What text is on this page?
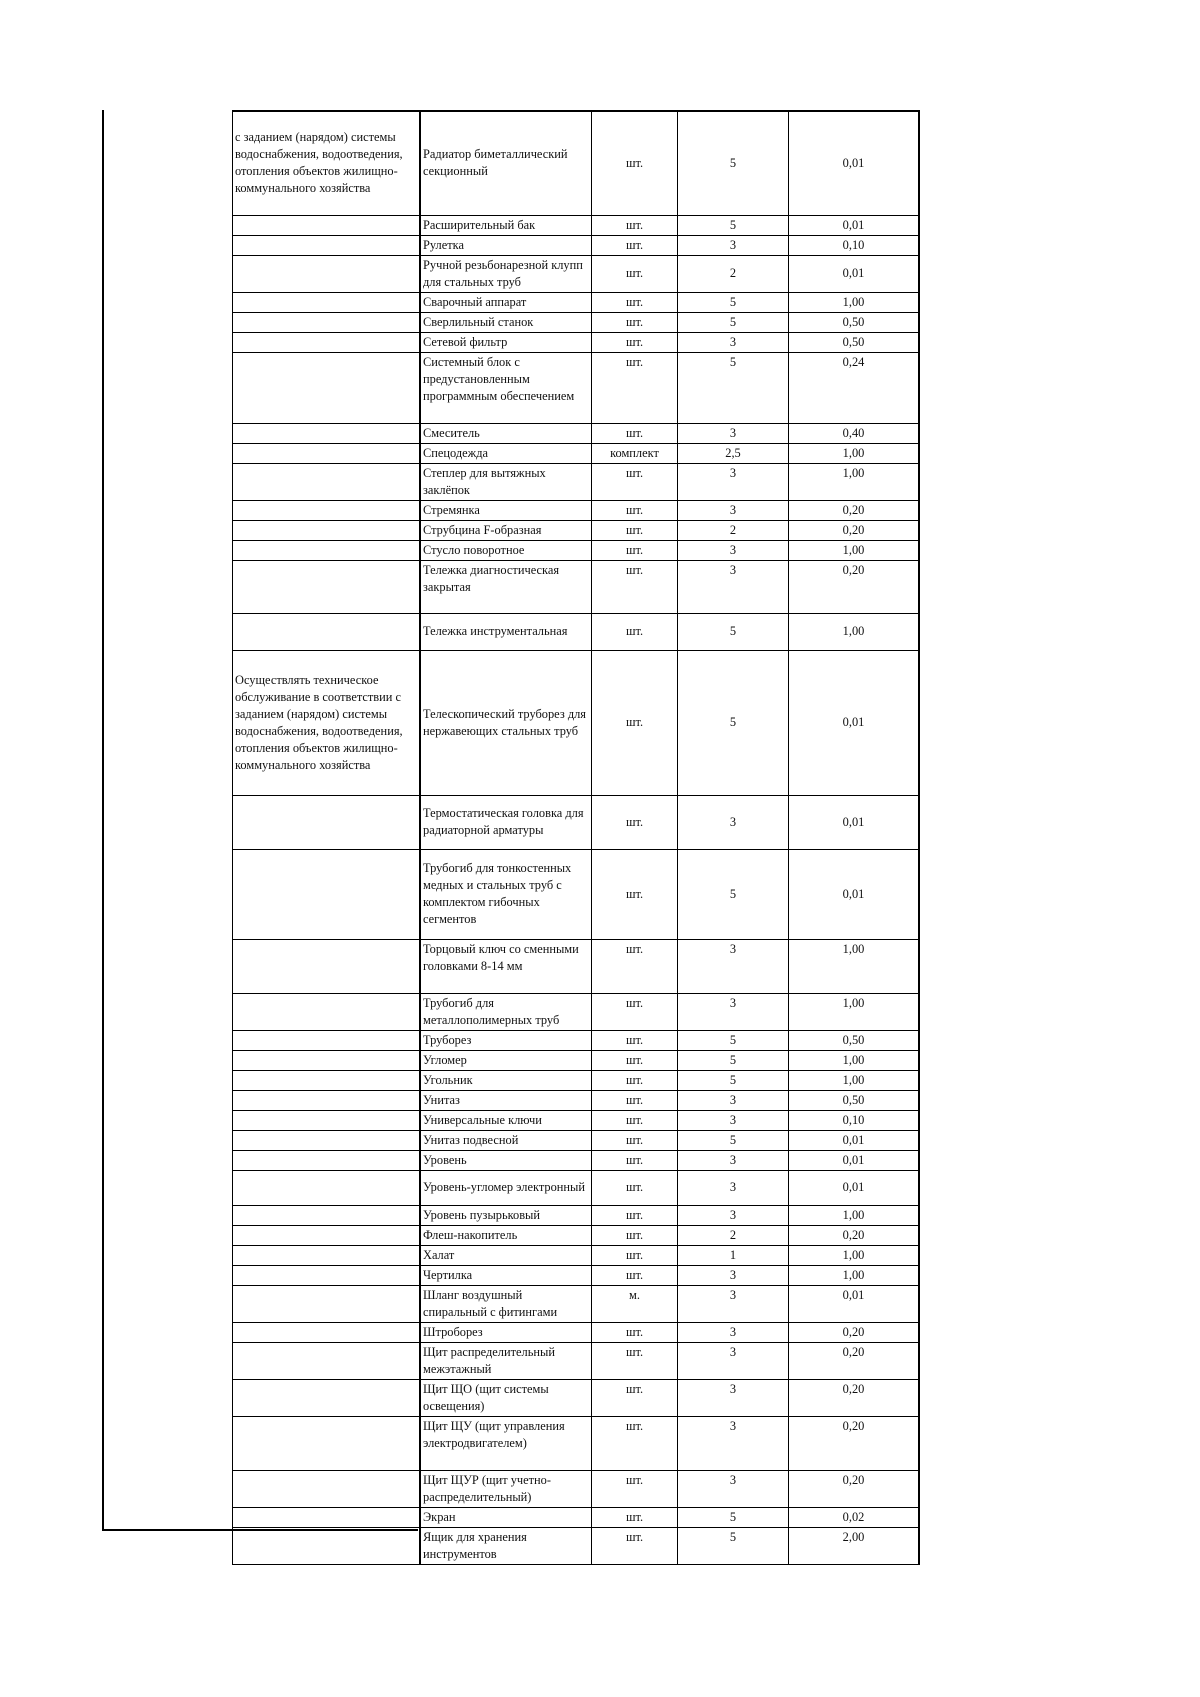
с заданием (нарядом) системы водоснабжения, водоотведения, отопления объектов жилищно-коммунального хозяйства	Радиатор биметаллический секционный	шт.	5	0,01
	Расширительный бак	шт.	5	0,01
	Рулетка	шт.	3	0,10
	Ручной резьбонарезной клупп для стальных труб	шт.	2	0,01
	Сварочный аппарат	шт.	5	1,00
	Сверлильный станок	шт.	5	0,50
	Сетевой фильтр	шт.	3	0,50
	Системный блок с предустановленным программным обеспечением	шт.	5	0,24
	Смеситель	шт.	3	0,40
	Спецодежда	комплект	2,5	1,00
	Степлер для вытяжных заклёпок	шт.	3	1,00
	Стремянка	шт.	3	0,20
	Струбцина F-образная	шт.	2	0,20
	Стусло поворотное	шт.	3	1,00
	Тележка диагностическая закрытая	шт.	3	0,20
	Тележка инструментальная	шт.	5	1,00
Осуществлять техническое обслуживание в соответствии с заданием (нарядом) системы водоснабжения, водоотведения, отопления объектов жилищно-коммунального хозяйства	Телескопический труборез для нержавеющих стальных труб	шт.	5	0,01
	Термостатическая головка для радиаторной арматуры	шт.	3	0,01
	Трубогиб для тонкостенных медных и стальных труб с комплектом гибочных сегментов	шт.	5	0,01
	Торцовый ключ со сменными головками 8-14 мм	шт.	3	1,00
	Трубогиб для металлополимерных труб	шт.	3	1,00
	Труборез	шт.	5	0,50
	Угломер	шт.	5	1,00
	Угольник	шт.	5	1,00
	Унитаз	шт.	3	0,50
	Универсальные ключи	шт.	3	0,10
	Унитаз подвесной	шт.	5	0,01
	Уровень	шт.	3	0,01
	Уровень-угломер электронный	шт.	3	0,01
	Уровень пузырьковый	шт.	3	1,00
	Флеш-накопитель	шт.	2	0,20
	Халат	шт.	1	1,00
	Чертилка	шт.	3	1,00
	Шланг воздушный спиральный с фитингами	м.	3	0,01
	Штроборез	шт.	3	0,20
	Щит распределительный межэтажный	шт.	3	0,20
	Щит ЩО (щит системы освещения)	шт.	3	0,20
	Щит ЩУ (щит управления электродвигателем)	шт.	3	0,20
	Щит ЩУР (щит учетно-распределительный)	шт.	3	0,20
	Экран	шт.	5	0,02
	Ящик для хранения инструментов	шт.	5	2,00
